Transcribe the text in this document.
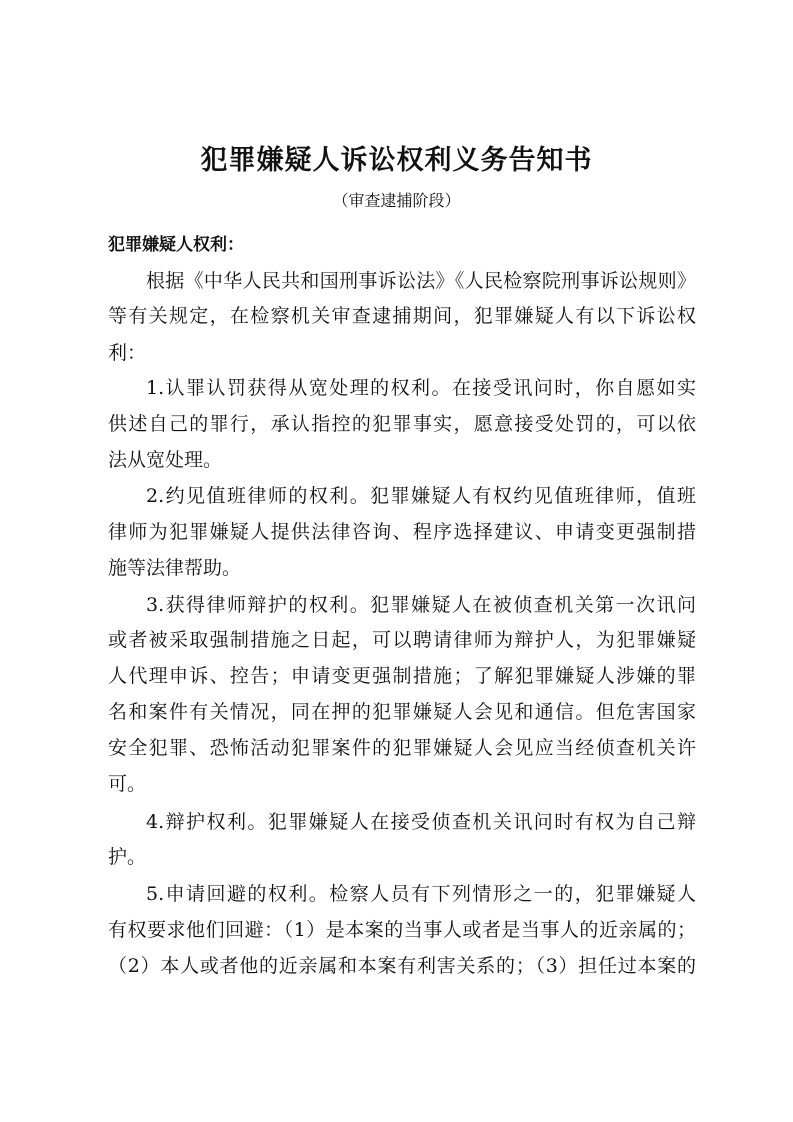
犯罪嫌疑人诉讼权利义务告知书
（审查逮捕阶段）
犯罪嫌疑人权利：
根据《中华人民共和国刑事诉讼法》《人民检察院刑事诉讼规则》
等有关规定，在检察机关审查逮捕期间，犯罪嫌疑人有以下诉讼权
利：
1.认罪认罚获得从宽处理的权利。在接受讯问时，你自愿如实
供述自己的罪行，承认指控的犯罪事实，愿意接受处罚的，可以依
法从宽处理。
2.约见值班律师的权利。犯罪嫌疑人有权约见值班律师，值班
律师为犯罪嫌疑人提供法律咨询、程序选择建议、申请变更强制措
施等法律帮助。
3.获得律师辩护的权利。犯罪嫌疑人在被侦查机关第一次讯问
或者被采取强制措施之日起，可以聘请律师为辩护人，为犯罪嫌疑
人代理申诉、控告；申请变更强制措施；了解犯罪嫌疑人涉嫌的罪
名和案件有关情况，同在押的犯罪嫌疑人会见和通信。但危害国家
安全犯罪、恐怖活动犯罪案件的犯罪嫌疑人会见应当经侦查机关许
可。
4.辩护权利。犯罪嫌疑人在接受侦查机关讯问时有权为自己辩
护。
5.申请回避的权利。检察人员有下列情形之一的，犯罪嫌疑人
有权要求他们回避：（1）是本案的当事人或者是当事人的近亲属的；
（2）本人或者他的近亲属和本案有利害关系的；（3）担任过本案的
